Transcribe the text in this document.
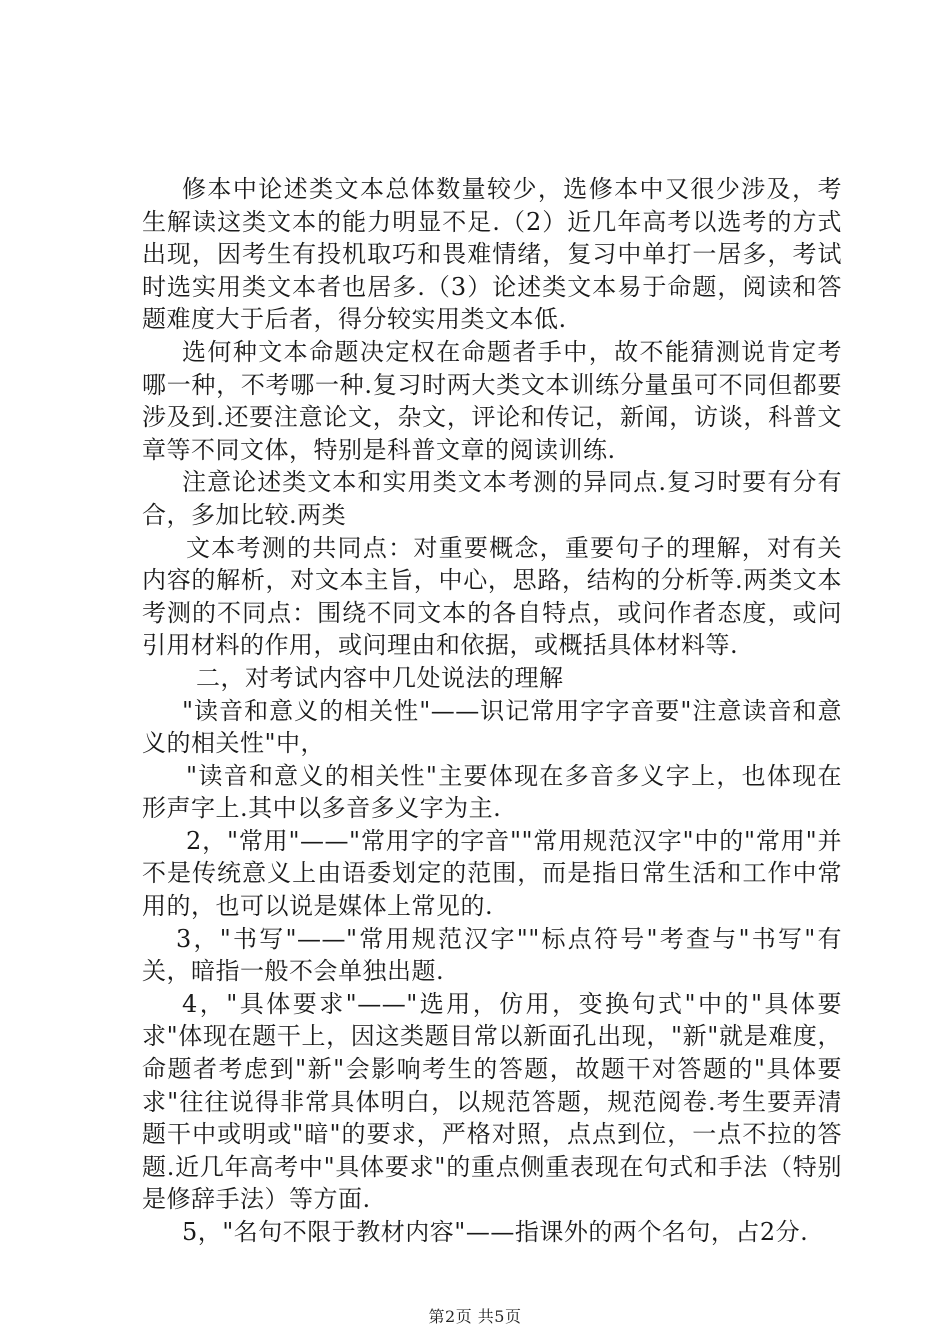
修本中论述类文本总体数量较少，选修本中又很少涉及，考生解读这类文本的能力明显不足.（2）近几年高考以选考的方式出现，因考生有投机取巧和畏难情绪，复习中单打一居多，考试时选实用类文本者也居多.（3）论述类文本易于命题，阅读和答题难度大于后者，得分较实用类文本低.

选何种文本命题决定权在命题者手中，故不能猜测说肯定考哪一种，不考哪一种.复习时两大类文本训练分量虽可不同但都要涉及到.还要注意论文，杂文，评论和传记，新闻，访谈，科普文章等不同文体，特别是科普文章的阅读训练.

注意论述类文本和实用类文本考测的异同点.复习时要有分有合，多加比较.两类

文本考测的共同点：对重要概念，重要句子的理解，对有关内容的解析，对文本主旨，中心，思路，结构的分析等.两类文本考测的不同点：围绕不同文本的各自特点，或问作者态度，或问引用材料的作用，或问理由和依据，或概括具体材料等.

二，对考试内容中几处说法的理解

"读音和意义的相关性"——识记常用字字音要"注意读音和意义的相关性"中，

"读音和意义的相关性"主要体现在多音多义字上，也体现在形声字上.其中以多音多义字为主.

2，"常用"——"常用字的字音""常用规范汉字"中的"常用"并不是传统意义上由语委划定的范围，而是指日常生活和工作中常用的，也可以说是媒体上常见的.

3，"书写"——"常用规范汉字""标点符号"考查与"书写"有关，暗指一般不会单独出题.

4，"具体要求"——"选用，仿用，变换句式"中的"具体要求"体现在题干上，因这类题目常以新面孔出现，"新"就是难度，命题者考虑到"新"会影响考生的答题，故题干对答题的"具体要求"往往说得非常具体明白，以规范答题，规范阅卷.考生要弄清题干中或明或"暗"的要求，严格对照，点点到位，一点不拉的答题.近几年高考中"具体要求"的重点侧重表现在句式和手法（特别是修辞手法）等方面.

5，"名句不限于教材内容"——指课外的两个名句，占2分.

第2页 共5页
